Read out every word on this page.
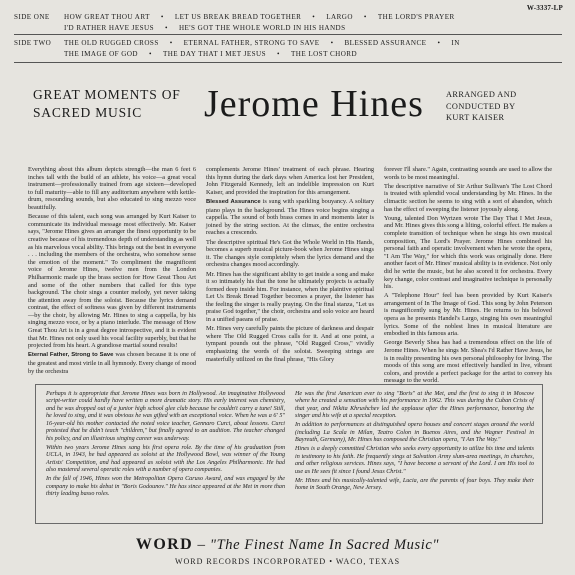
W-3337-LP
SIDE ONE	HOW GREAT THOU ART • LET US BREAK BREAD TOGETHER • LARGO • THE LORD'S PRAYER
I'D RATHER HAVE JESUS • HE'S GOT THE WHOLE WORLD IN HIS HANDS
SIDE TWO	THE OLD RUGGED CROSS • ETERNAL FATHER, STRONG TO SAVE • BLESSED ASSURANCE • IN
THE IMAGE OF GOD • THE DAY THAT I MET JESUS • THE LOST CHORD
GREAT MOMENTS OF
SACRED MUSIC	Jerome Hines	ARRANGED AND
CONDUCTED BY
KURT KAISER

Everything about this album depicts strength—the man 6 feet 6 inches tall with the build of an athlete, his voice—a great vocal instrument—professionally trained from age sixteen—developed to full maturity—able to fill any auditorium anywhere with kettle-drum, resounding sounds, but also educated to sing mezzo voce beautifully.

Because of this talent, each song was arranged by Kurt Kaiser to communicate its individual message most effectively. Mr. Kaiser says, "Jerome Hines gives an arranger the finest opportunity to be creative because of his tremendous depth of understanding as well as his marvelous vocal ability. This brings out the best in everyone . . . including the members of the orchestra, who somehow sense the emotion of the moment." To compliment the magnificent voice of Jerome Hines, twelve men from the London Philharmonic made up the brass section for How Great Thou Art and some of the other numbers that called for this type background. The choir sings a counter melody, yet never taking the attention away from the soloist. Because the lyrics demand contrast, the effect of softness was given by different instruments—by the choir, by allowing Mr. Hines to sing a cappella, by his singing mezzo voce, or by a piano interlude. The message of How Great Thou Art is in a great degree introspective, and it is evident that Mr. Hines not only used his vocal facility superbly, but that he projected from his heart. A grandiose martial sound results!

Eternal Father, Strong to Save was chosen because it is one of the greatest and most virile in all hymnody. Every change of mood by the orchestra

complements Jerome Hines' treatment of each phrase. Hearing this hymn during the dark days when America lost her President, John Fitzgerald Kennedy, left an indelible impression on Kurt Kaiser, and provided the inspiration for this arrangement.

Blessed Assurance is sung with sparkling bouyancy. A solitary piano plays in the background. The Hines voice begins singing a cappella. The sound of both brass comes in and moments later is joined by the string section. At the climax, the entire orchestra reaches a crescendo.

The descriptive spiritual He's Got the Whole World in His Hands, becomes a superb musical picture-book when Jerome Hines sings it. The changes style completely when the lyrics demand and the orchestra changes mood accordingly.

Mr. Hines has the significant ability to get inside a song and make it so intimately his that the tone he ultimately projects is actually formed deep inside him. For instance, when the plaintive spiritual Let Us Break Bread Together becomes a prayer, the listener has the feeling the singer is really praying. On the final stanza, "Let us praise God together," the choir, orchestra and solo voice are heard in a unified paeans of praise.

Mr. Hines very carefully paints the picture of darkness and despair where The Old Rugged Cross calls for it. And at one point, a tympani pounds out the phrase, "Old Rugged Cross," vividly emphasizing the words of the soloist. Sweeping strings are masterfully utilized on the final phrase, "His Glory

forever I'll share." Again, contrasting sounds are used to allow the words to be most meaningful.

The descriptive narrative of Sir Arthur Sullivan's The Lost Chord is treated with splendid vocal understanding by Mr. Hines. In the climactic section he seems to sing with a sort of abandon, which has the effect of sweeping the listener joyously along.

Young, talented Don Wyrtzen wrote The Day That I Met Jesus, and Mr. Hines gives this song a lilting, colorful effect. He makes a complete transition of technique when he sings his own musical composition, The Lord's Prayer. Jerome Hines combined his personal faith and operatic involvement when he wrote the opera, "I Am The Way," for which this work was originally done. Here another facet of Mr. Hines' musical ability is in evidence. Not only did he write the music, but he also scored it for orchestra. Every key change, color contrast and imaginative technique is personally his.

A "Telephone Hour" feel has been provided by Kurt Kaiser's arrangement of In The Image of God. This song by John Peterson is magnificently sung by Mr. Hines. He returns to his beloved opera as he presents Handel's Largo, singing his own meaningful lyrics. Some of the noblest lines in musical literature are embodied in this famous aria.

George Beverly Shea has had a tremendous effect on the life of Jerome Hines. When he sings Mr. Shea's I'd Rather Have Jesus, he is in reality presenting his own personal philosophy for living. The moods of this song are most effectively handled in live, vibrant colors, and provide a perfect package for the artist to convey his message to the world.

Perhaps it is appropriate that Jerome Hines was born in Hollywood. An imaginative Hollywood script-writer could hardly have written a more dramatic story. His early interest was chemistry, and he was dropped out of a junior high school glee club because he couldn't carry a tune! Still, he loved to sing, and it was obvious he was gifted with an exceptional voice. When he was a 6' 5" 16-year-old his mother contacted the noted voice teacher, Gennaro Curci, about lessons. Curci protested that he didn't teach "children," but finally agreed to an audition. The teacher changed his policy, and an illustrious singing career was underway.

Within two years Jerome Hines sang his first opera role. By the time of his graduation from UCLA, in 1943, he had appeared as soloist at the Hollywood Bowl, was winner of the Young Artists' Competition, and had appeared as soloist with the Los Angeles Philharmonic. He had also mastered several operatic roles with a number of opera companies.

In the fall of 1946, Hines won the Metropolitan Opera Caruso Award, and was engaged by the company to make his debut in "Boris Godounov." He has since appeared at the Met in more than thirty leading basso roles.

He was the first American ever to sing "Boris" at the Met, and the first to sing it in Moscow where he created a sensation with his performance in 1962. This was during the Cuban Crisis of that year, and Nikita Khrushchev led the applause after the Hines performance, honoring the singer and his wife at a special reception.

In addition to performances at distinguished opera houses and concert stages around the world (including La Scala in Milan, Teatro Colon in Buenos Aires, and the Wagner Festival in Bayreuth, Germany), Mr. Hines has composed the Christian opera, "I Am The Way."

Hines is a deeply committed Christian who seeks every opportunity to utilize his time and talents in testimony to his faith. He frequently sings at Salvation Army slum-area meetings, in churches, and other religious services. Hines says, "I have become a servant of the Lord. I am His tool to use as He sees fit since I found Jesus Christ."

Mr. Hines and his musically-talented wife, Lucia, are the parents of four boys. They make their home in South Orange, New Jersey.

WORD – "The Finest Name In Sacred Music"
WORD RECORDS INCORPORATED • WACO, TEXAS
